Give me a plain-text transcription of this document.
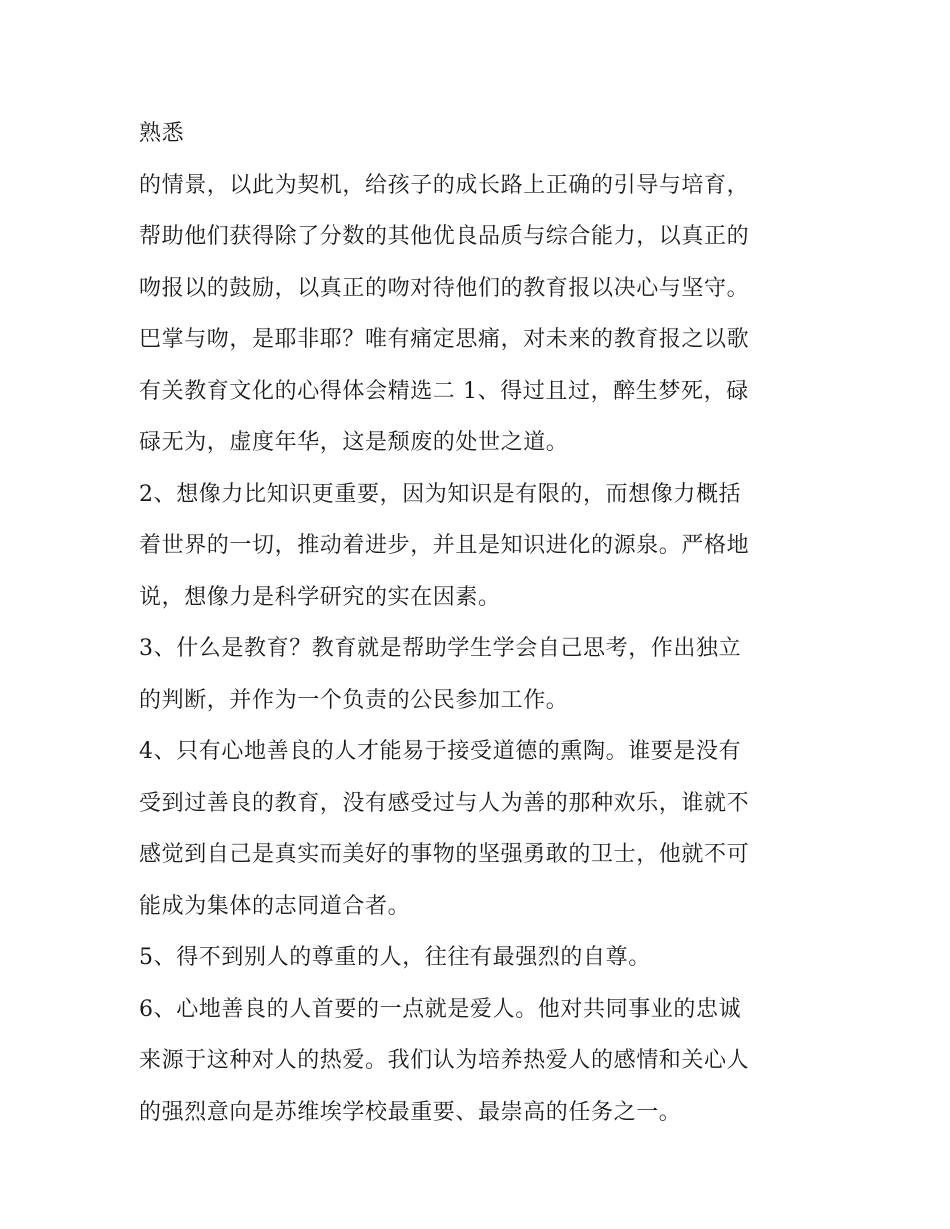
熟悉
的情景，以此为契机，给孩子的成长路上正确的引导与培育，
帮助他们获得除了分数的其他优良品质与综合能力，以真正的
吻报以的鼓励，以真正的吻对待他们的教育报以决心与坚守。
巴掌与吻，是耶非耶？唯有痛定思痛，对未来的教育报之以歌
有关教育文化的心得体会精选二 1、得过且过，醉生梦死，碌
碌无为，虚度年华，这是颓废的处世之道。
2、想像力比知识更重要，因为知识是有限的，而想像力概括
着世界的一切，推动着进步，并且是知识进化的源泉。严格地
说，想像力是科学研究的实在因素。
3、什么是教育？教育就是帮助学生学会自己思考，作出独立
的判断，并作为一个负责的公民参加工作。
4、只有心地善良的人才能易于接受道德的熏陶。谁要是没有
受到过善良的教育，没有感受过与人为善的那种欢乐，谁就不
感觉到自己是真实而美好的事物的坚强勇敢的卫士，他就不可
能成为集体的志同道合者。
5、得不到别人的尊重的人，往往有最强烈的自尊。
6、心地善良的人首要的一点就是爱人。他对共同事业的忠诚
来源于这种对人的热爱。我们认为培养热爱人的感情和关心人
的强烈意向是苏维埃学校最重要、最崇高的任务之一。
